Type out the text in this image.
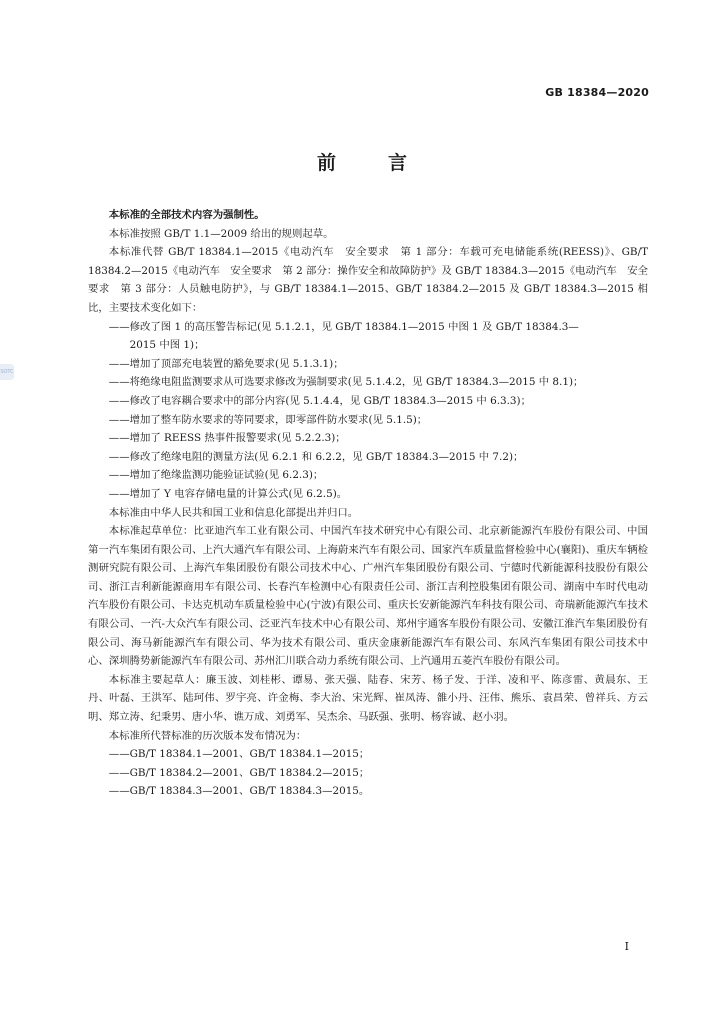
GB 18384—2020
前	言
SOTC

本标准的全部技术内容为强制性。

本标准按照 GB/T 1.1—2009 给出的规则起草。

本标准代替 GB/T 18384.1—2015《电动汽车　安全要求　第 1 部分：车载可充电储能系统(REESS)》、GB/T 18384.2—2015《电动汽车　安全要求　第 2 部分：操作安全和故障防护》及 GB/T 18384.3—2015《电动汽车　安全要求　第 3 部分：人员触电防护》，与 GB/T 18384.1—2015、GB/T 18384.2—2015 及 GB/T 18384.3—2015 相比，主要技术变化如下：

——修改了图 1 的高压警告标记(见 5.1.2.1，见 GB/T 18384.1—2015 中图 1 及 GB/T 18384.3—
2015 中图 1)；
——增加了顶部充电装置的豁免要求(见 5.1.3.1)；
——将绝缘电阻监测要求从可选要求修改为强制要求(见 5.1.4.2，见 GB/T 18384.3—2015 中 8.1)；
——修改了电容耦合要求中的部分内容(见 5.1.4.4，见 GB/T 18384.3—2015 中 6.3.3)；
——增加了整车防水要求的等同要求，即零部件防水要求(见 5.1.5)；
——增加了 REESS 热事件报警要求(见 5.2.2.3)；
——修改了绝缘电阻的测量方法(见 6.2.1 和 6.2.2，见 GB/T 18384.3—2015 中 7.2)；
——增加了绝缘监测功能验证试验(见 6.2.3)；
——增加了 Y 电容存储电量的计算公式(见 6.2.5)。

本标准由中华人民共和国工业和信息化部提出并归口。

本标准起草单位：比亚迪汽车工业有限公司、中国汽车技术研究中心有限公司、北京新能源汽车股份有限公司、中国第一汽车集团有限公司、上汽大通汽车有限公司、上海蔚来汽车有限公司、国家汽车质量监督检验中心(襄阳)、重庆车辆检测研究院有限公司、上海汽车集团股份有限公司技术中心、广州汽车集团股份有限公司、宁德时代新能源科技股份有限公司、浙江吉利新能源商用车有限公司、长春汽车检测中心有限责任公司、浙江吉利控股集团有限公司、湖南中车时代电动汽车股份有限公司、卡达克机动车质量检验中心(宁波)有限公司、重庆长安新能源汽车科技有限公司、奇瑞新能源汽车技术有限公司、一汽-大众汽车有限公司、泛亚汽车技术中心有限公司、郑州宇通客车股份有限公司、安徽江淮汽车集团股份有限公司、海马新能源汽车有限公司、华为技术有限公司、重庆金康新能源汽车有限公司、东风汽车集团有限公司技术中心、深圳腾势新能源汽车有限公司、苏州汇川联合动力系统有限公司、上汽通用五菱汽车股份有限公司。

本标准主要起草人：廉玉波、刘桂彬、谭易、张天强、陆春、宋芳、杨子发、于洋、凌和平、陈彦雷、黄晨东、王丹、叶磊、王洪军、陆珂伟、罗宇亮、许金梅、李大治、宋光辉、崔凤涛、雒小丹、汪伟、熊乐、袁昌荣、曾祥兵、方云明、郑立涛、纪秉男、唐小华、谯万成、刘勇军、吴杰余、马跃强、张明、杨容诚、赵小羽。

本标准所代替标准的历次版本发布情况为：

——GB/T 18384.1—2001、GB/T 18384.1—2015；
——GB/T 18384.2—2001、GB/T 18384.2—2015；
——GB/T 18384.3—2001、GB/T 18384.3—2015。
I
